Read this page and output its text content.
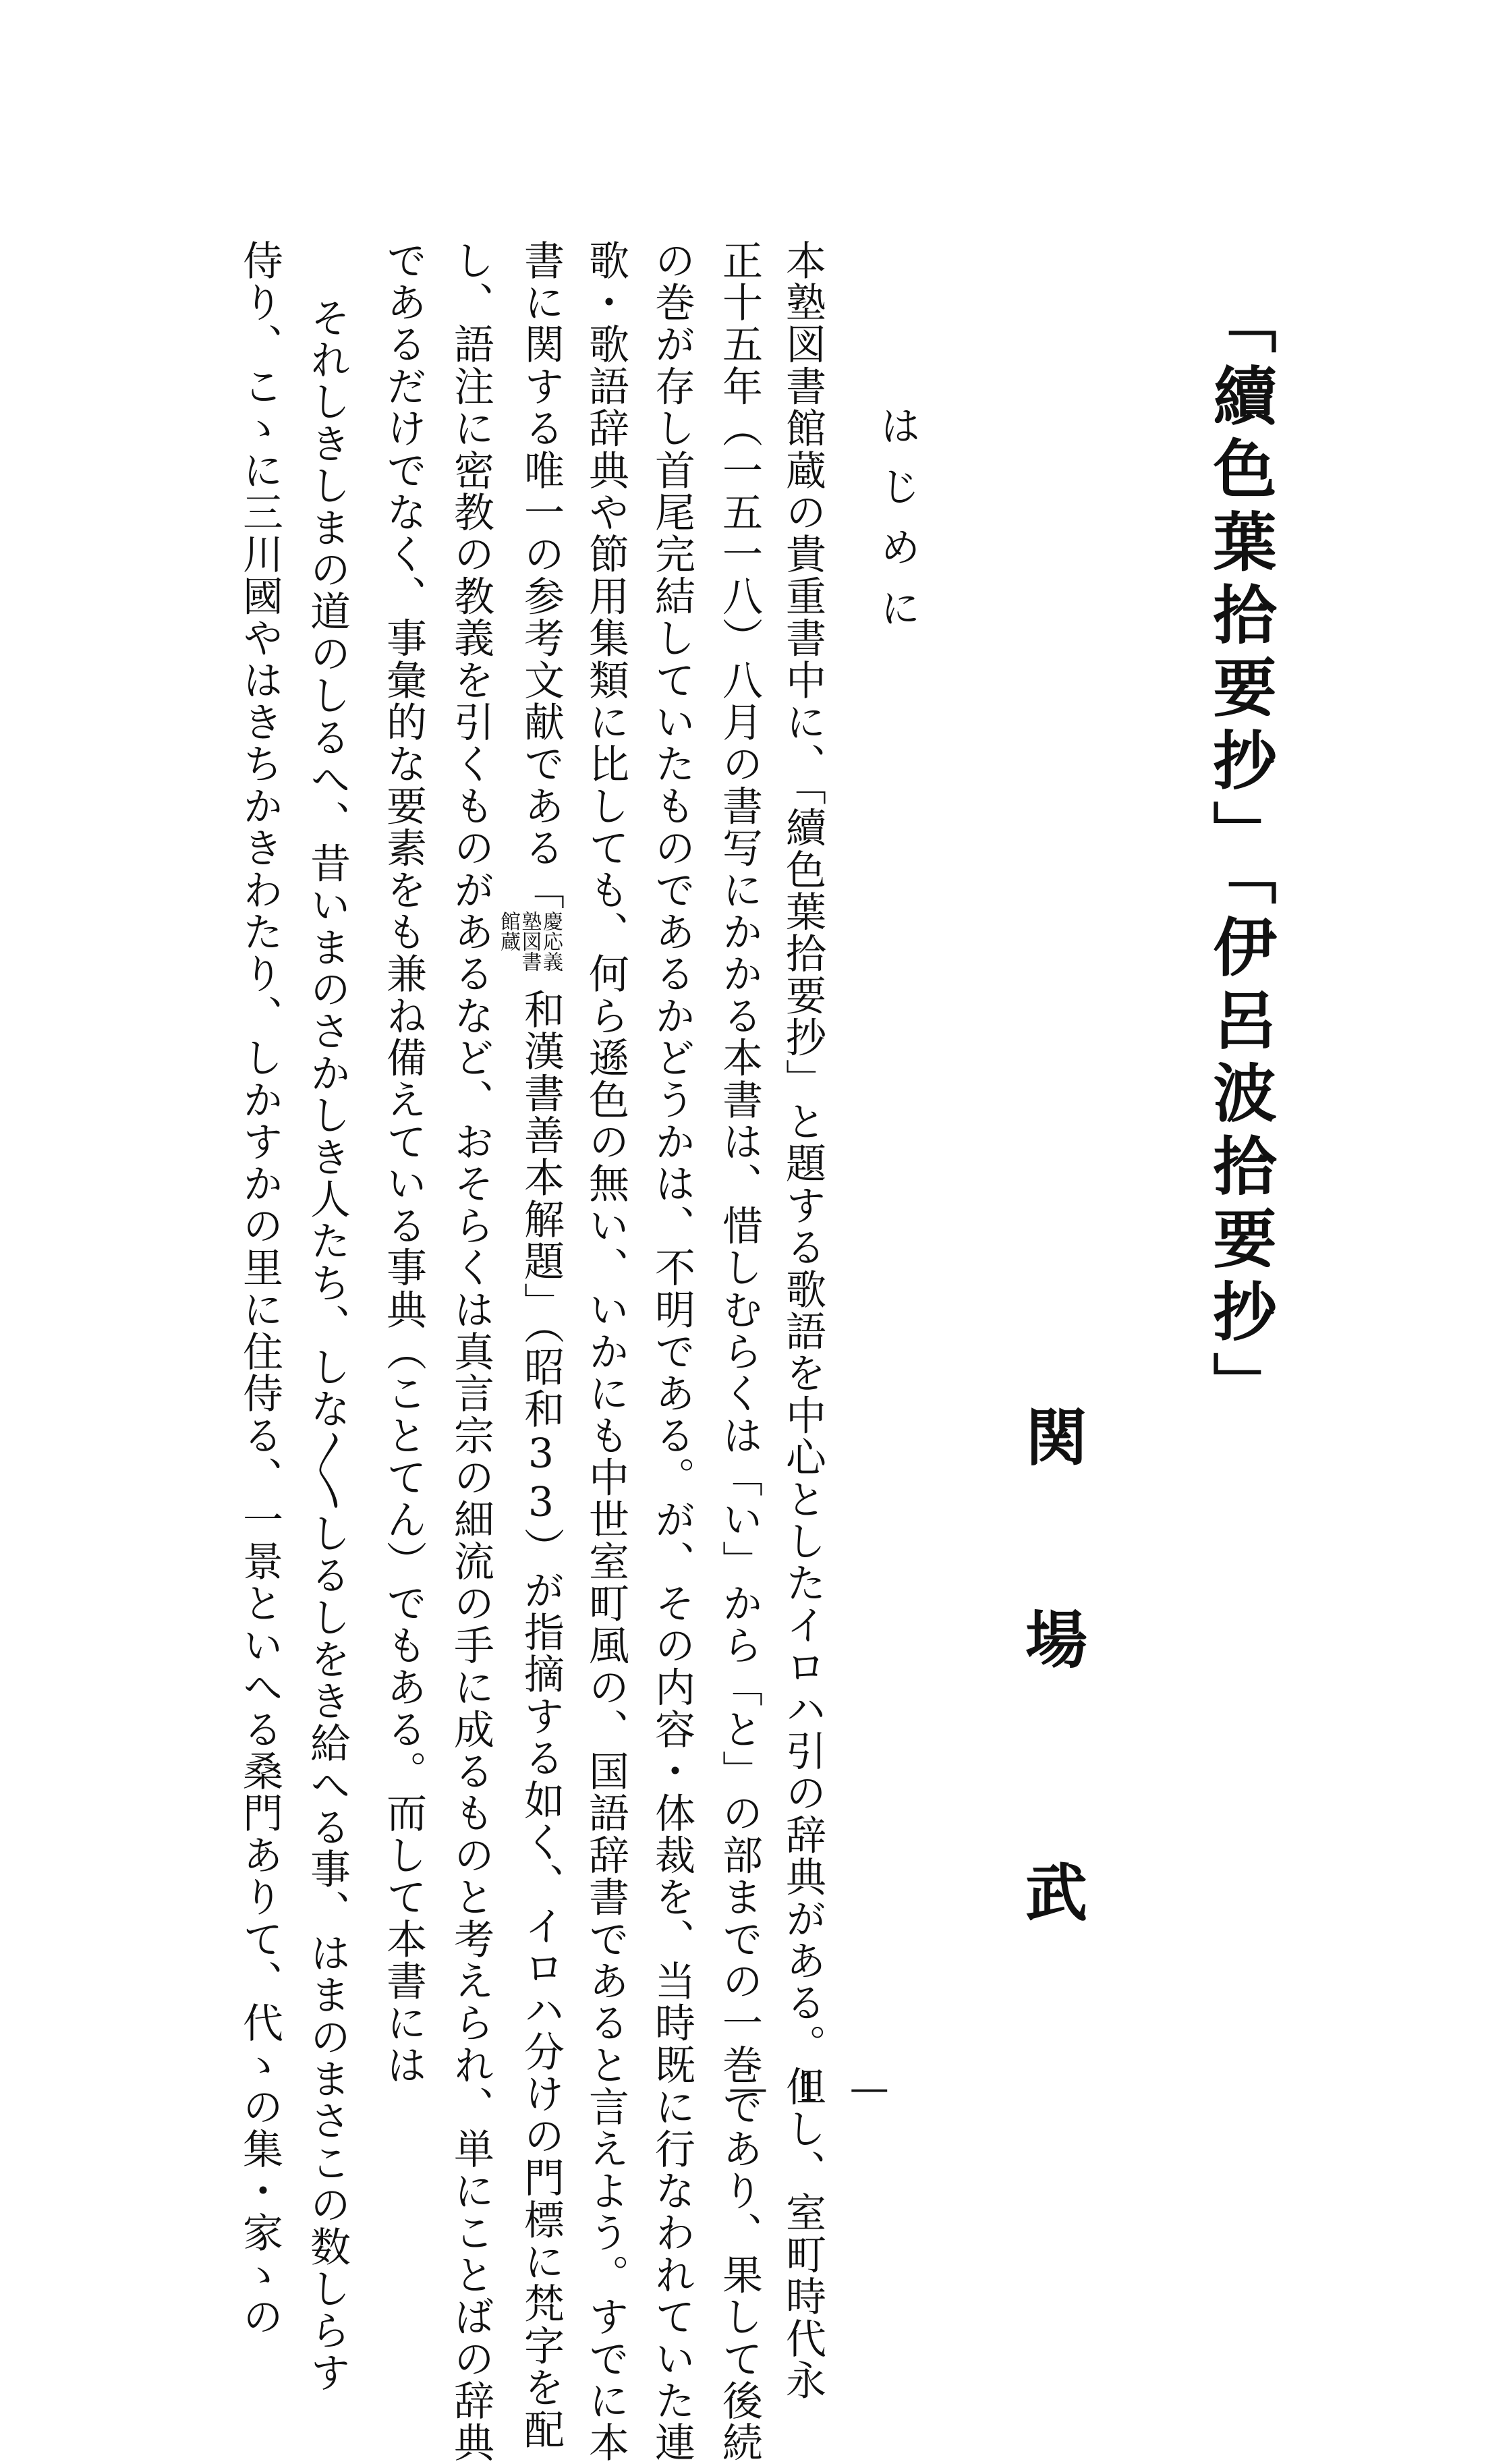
「續色葉拾要抄」「伊呂波拾要抄」
関
場
武
はじめに
本塾図書館蔵の貴重書中に、「續色葉拾要抄」と題する歌語を中心としたイロハ引の辞典がある。但し、室町時代永
正十五年（一五一八）八月の書写にかかる本書は、惜しむらくは「い」から「と」の部までの一巻であり、果して後続
の巻が存し首尾完結していたものであるかどうかは、不明である。が、その内容・体裁を、当時既に行なわれていた連
歌・歌語辞典や節用集類に比しても、何ら遜色の無い、いかにも中世室町風の、国語辞書であると言えよう。すでに本
書に関する唯一の参考文献である「慶応義塾図書館蔵和漢書善本解題」（昭和33）が指摘する如く、イロハ分けの門標に梵字を配
し、語注に密教の教義を引くものがあるなど、おそらくは真言宗の細流の手に成るものと考えられ、単にことばの辞典
であるだけでなく、事彙的な要素をも兼ね備えている事典（ことてん）でもある。而して本書には
それしきしまの道のしるへ、昔いまのさかしき人たち、しな〳〵しるしをき給へる事、はまのまさこの数しらす
侍り、こゝに三川國やはきちかきわたり、しかすかの里に住侍る、一景といへる桑門ありて、代ゝの集・家ゝの	— 1 —
